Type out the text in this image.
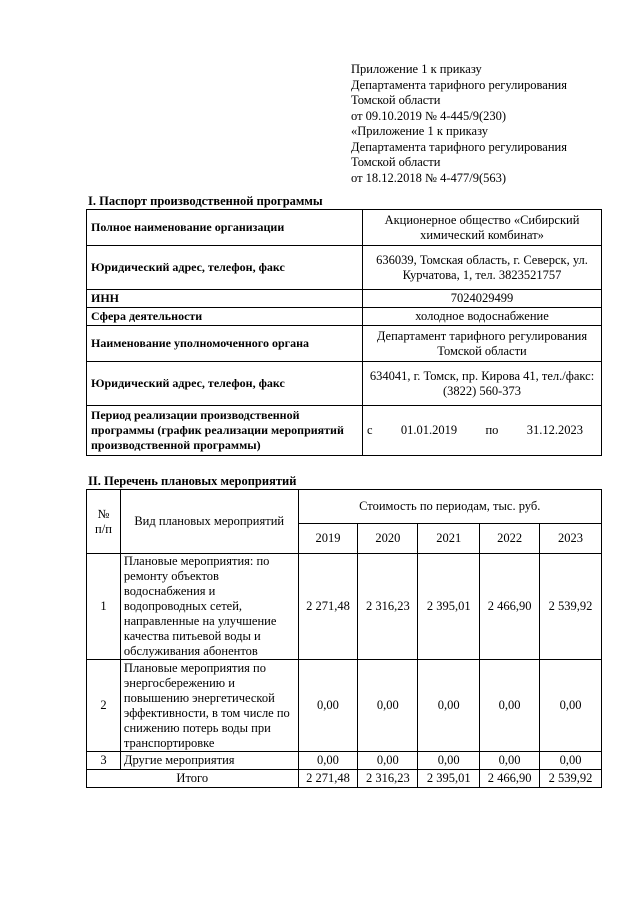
Приложение 1 к приказу
Департамента тарифного регулирования
Томской области
от 09.10.2019 № 4-445/9(230)
«Приложение 1 к приказу
Департамента тарифного регулирования
Томской области
от 18.12.2018 № 4-477/9(563)
I. Паспорт производственной программы
Полное наименование организации	Акционерное общество «Сибирский химический комбинат»
Юридический адрес, телефон, факс	636039, Томская область, г. Северск, ул. Курчатова, 1, тел. 3823521757
ИНН	7024029499
Сфера деятельности	холодное водоснабжение
Наименование уполномоченного органа	Департамент тарифного регулирования Томской области
Юридический адрес, телефон, факс	634041, г. Томск, пр. Кирова 41, тел./факс: (3822) 560-373
Период реализации производственной программы (график реализации мероприятий производственной программы)	с 01.01.2019 по 31.12.2023
II. Перечень плановых мероприятий
№ п/п	Вид плановых мероприятий	Стоимость по периодам, тыс. руб.				
		2019	2020	2021	2022	2023
1	Плановые мероприятия: по ремонту объектов водоснабжения и водопроводных сетей, направленные на улучшение качества питьевой воды и обслуживания абонентов	2 271,48	2 316,23	2 395,01	2 466,90	2 539,92
2	Плановые мероприятия по энергосбережению и повышению энергетической эффективности, в том числе по снижению потерь воды при транспортировке	0,00	0,00	0,00	0,00	0,00
3	Другие мероприятия	0,00	0,00	0,00	0,00	0,00
Итого		2 271,48	2 316,23	2 395,01	2 466,90	2 539,92
